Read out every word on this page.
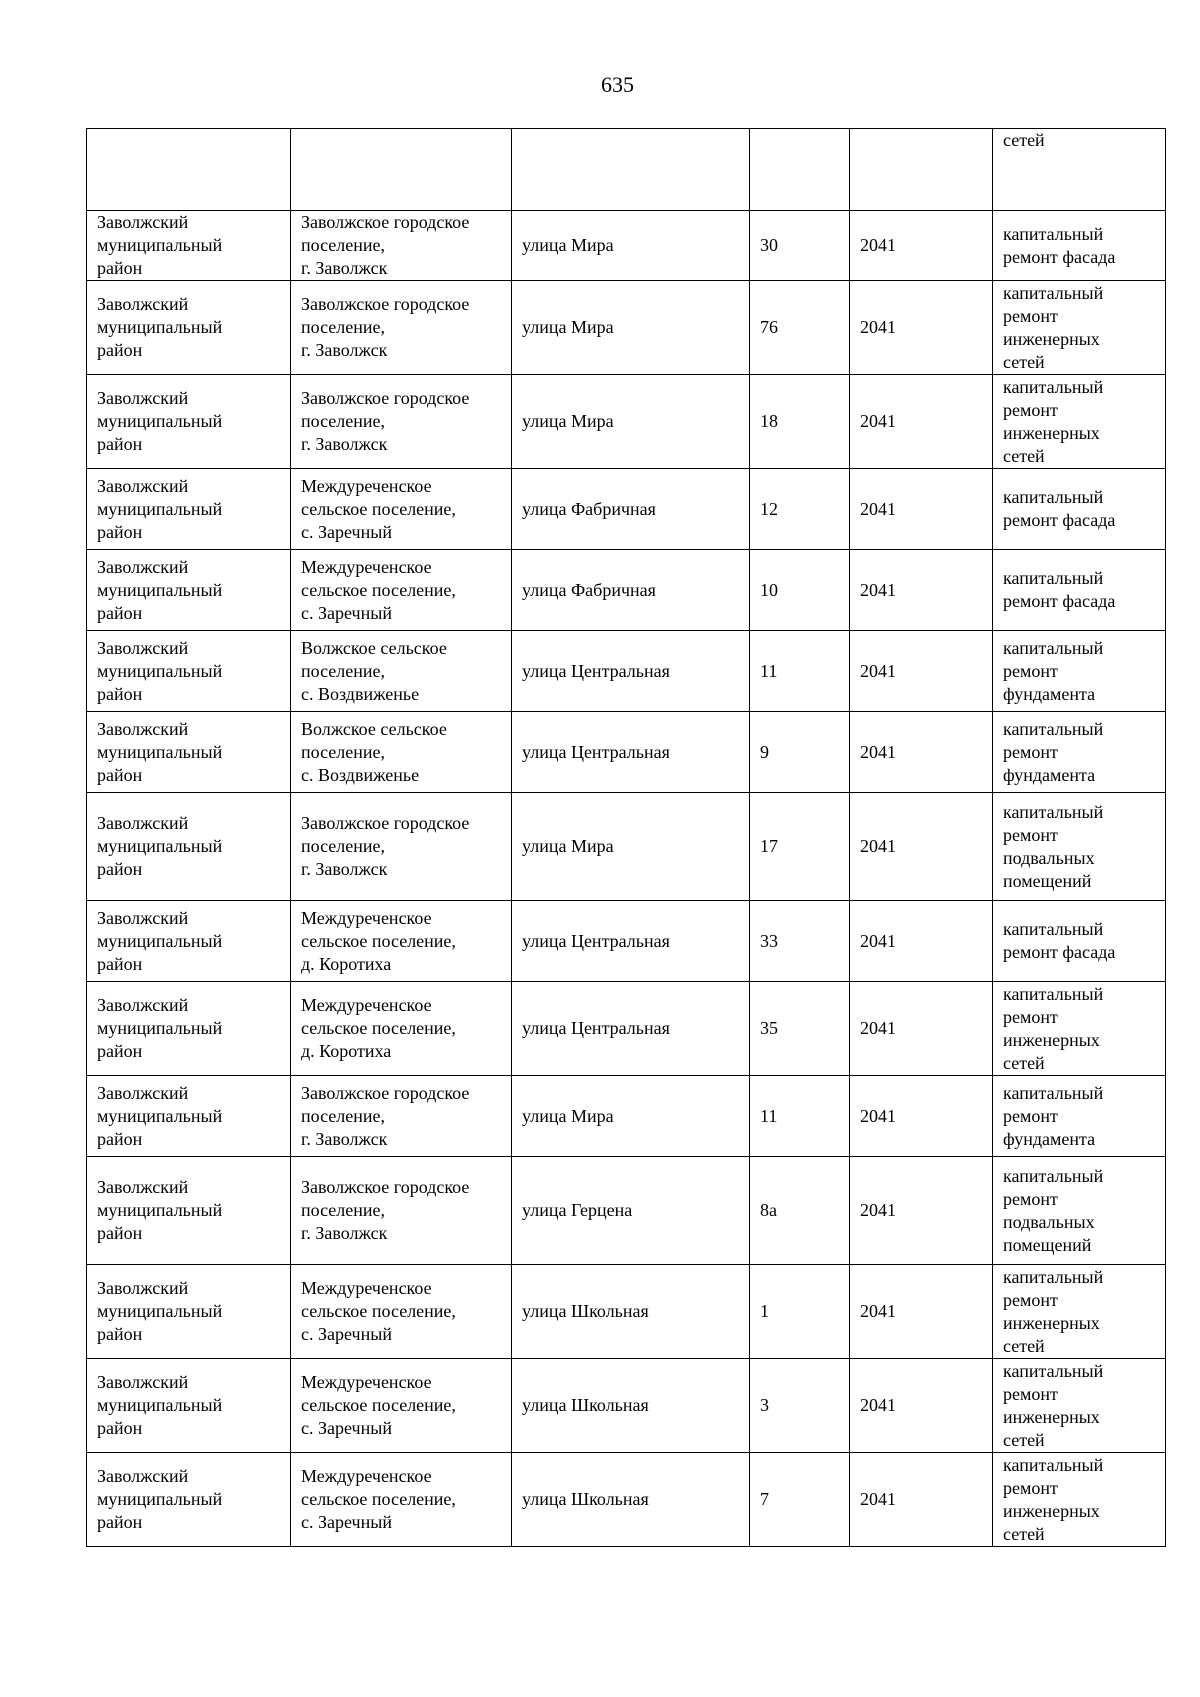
635
					сетей
Заволжский
муниципальный
район	Заволжское городское
поселение,
г. Заволжск	улица Мира	30	2041	капитальный
ремонт фасада
Заволжский
муниципальный
район	Заволжское городское
поселение,
г. Заволжск	улица Мира	76	2041	капитальный
ремонт
инженерных
сетей
Заволжский
муниципальный
район	Заволжское городское
поселение,
г. Заволжск	улица Мира	18	2041	капитальный
ремонт
инженерных
сетей
Заволжский
муниципальный
район	Междуреченское
сельское поселение,
с. Заречный	улица Фабричная	12	2041	капитальный
ремонт фасада
Заволжский
муниципальный
район	Междуреченское
сельское поселение,
с. Заречный	улица Фабричная	10	2041	капитальный
ремонт фасада
Заволжский
муниципальный
район	Волжское сельское
поселение,
с. Воздвиженье	улица Центральная	11	2041	капитальный
ремонт
фундамента
Заволжский
муниципальный
район	Волжское сельское
поселение,
с. Воздвиженье	улица Центральная	9	2041	капитальный
ремонт
фундамента
Заволжский
муниципальный
район	Заволжское городское
поселение,
г. Заволжск	улица Мира	17	2041	капитальный
ремонт
подвальных
помещений
Заволжский
муниципальный
район	Междуреченское
сельское поселение,
д. Коротиха	улица Центральная	33	2041	капитальный
ремонт фасада
Заволжский
муниципальный
район	Междуреченское
сельское поселение,
д. Коротиха	улица Центральная	35	2041	капитальный
ремонт
инженерных
сетей
Заволжский
муниципальный
район	Заволжское городское
поселение,
г. Заволжск	улица Мира	11	2041	капитальный
ремонт
фундамента
Заволжский
муниципальный
район	Заволжское городское
поселение,
г. Заволжск	улица Герцена	8а	2041	капитальный
ремонт
подвальных
помещений
Заволжский
муниципальный
район	Междуреченское
сельское поселение,
с. Заречный	улица Школьная	1	2041	капитальный
ремонт
инженерных
сетей
Заволжский
муниципальный
район	Междуреченское
сельское поселение,
с. Заречный	улица Школьная	3	2041	капитальный
ремонт
инженерных
сетей
Заволжский
муниципальный
район	Междуреченское
сельское поселение,
с. Заречный	улица Школьная	7	2041	капитальный
ремонт
инженерных
сетей
